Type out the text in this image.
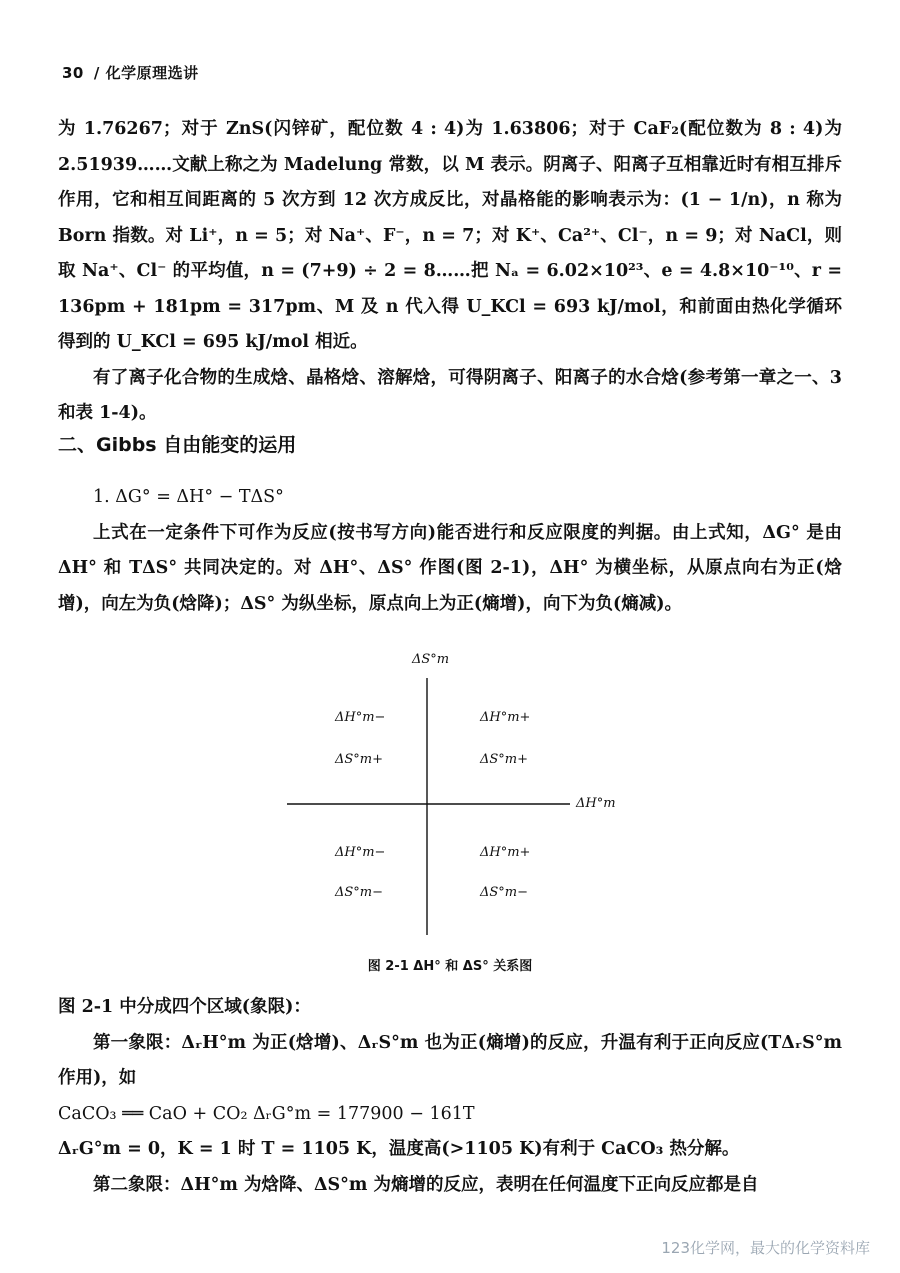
30 / 化学原理选讲

为 1.76267；对于 ZnS(闪锌矿，配位数 4 : 4)为 1.63806；对于 CaF₂(配位数为 8 : 4)为 2.51939……文献上称之为 Madelung 常数，以 M 表示。阴离子、阳离子互相靠近时有相互排斥作用，它和相互间距离的 5 次方到 12 次方成反比，对晶格能的影响表示为：(1 − 1/n)，n 称为 Born 指数。对 Li⁺，n = 5；对 Na⁺、F⁻，n = 7；对 K⁺、Ca²⁺、Cl⁻，n = 9；对 NaCl，则取 Na⁺、Cl⁻ 的平均值，n = (7+9) ÷ 2 = 8……把 Nₐ = 6.02×10²³、e = 4.8×10⁻¹⁰、r = 136pm + 181pm = 317pm、M 及 n 代入得 U_KCl = 693 kJ/mol，和前面由热化学循环得到的 U_KCl = 695 kJ/mol 相近。

有了离子化合物的生成焓、晶格焓、溶解焓，可得阴离子、阳离子的水合焓(参考第一章之一、3 和表 1-4)。

二、Gibbs 自由能变的运用

1. ΔG° = ΔH° − TΔS°

上式在一定条件下可作为反应(按书写方向)能否进行和反应限度的判据。由上式知，ΔG° 是由 ΔH° 和 TΔS° 共同决定的。对 ΔH°、ΔS° 作图(图 2-1)，ΔH° 为横坐标，从原点向右为正(焓增)，向左为负(焓降)；ΔS° 为纵坐标，原点向上为正(熵增)，向下为负(熵减)。

ΔS°m
ΔH°m
ΔH°m−
ΔS°m+
ΔH°m+
ΔS°m+
ΔH°m−
ΔS°m−
ΔH°m+
ΔS°m−
图 2-1 ΔH° 和 ΔS° 关系图

图 2-1 中分成四个区域(象限)：

第一象限：ΔᵣH°m 为正(焓增)、ΔᵣS°m 也为正(熵增)的反应，升温有利于正向反应(TΔᵣS°m 作用)，如

CaCO₃ ══ CaO + CO₂ ΔᵣG°m = 177900 − 161T

ΔᵣG°m = 0，K = 1 时 T = 1105 K，温度高(>1105 K)有利于 CaCO₃ 热分解。

第二象限：ΔH°m 为焓降、ΔS°m 为熵增的反应，表明在任何温度下正向反应都是自

123化学网，最大的化学资料库
